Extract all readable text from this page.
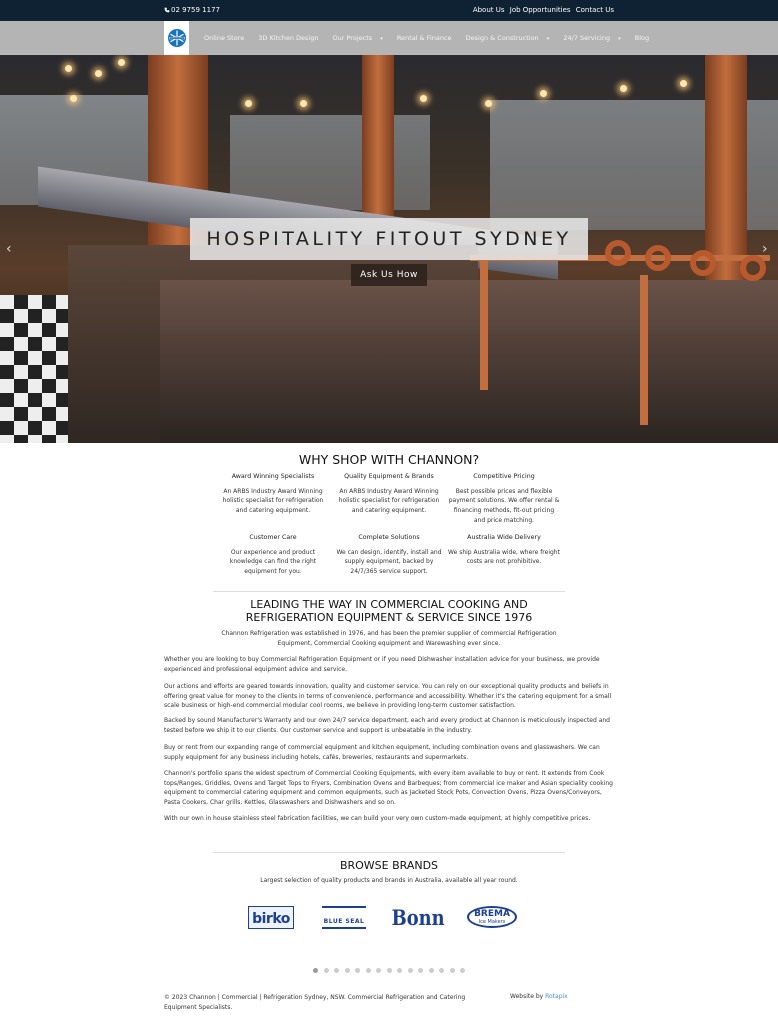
02 9759 1177	About Us Job Opportunities Contact Us
Online Store 3D Kitchen Design Our Projects ▾ Rental & Finance Design & Construction ▾ 24/7 Servicing ▾ Blog
‹	›
HOSPITALITY FITOUT SYDNEY
Ask Us How
WHY SHOP WITH CHANNON?
Award Winning Specialists
An ARBS Industry Award Winning holistic specialist for refrigeration and catering equipment.
Quality Equipment & Brands
An ARBS Industry Award Winning holistic specialist for refrigeration and catering equipment.
Competitive Pricing
Best possible prices and flexible payment solutions. We offer rental & financing methods, fit-out pricing and price matching.
Customer Care
Our experience and product knowledge can find the right equipment for you.
Complete Solutions
We can design, identify, install and supply equipment, backed by 24/7/365 service support.
Australia Wide Delivery
We ship Australia wide, where freight costs are not prohibitive.
LEADING THE WAY IN COMMERCIAL COOKING AND
REFRIGERATION EQUIPMENT & SERVICE SINCE 1976
Channon Refrigeration was established in 1976, and has been the premier supplier of commercial Refrigeration Equipment, Commercial Cooking equipment and Warewashing ever since.
Whether you are looking to buy Commercial Refrigeration Equipment or if you need Dishwasher installation advice for your business, we provide experienced and professional equipment advice and service.
Our actions and efforts are geared towards innovation, quality and customer service. You can rely on our exceptional quality products and beliefs in offering great value for money to the clients in terms of convenience, performance and accessibility. Whether it's the catering equipment for a small scale business or high-end commercial modular cool rooms, we believe in providing long-term customer satisfaction.
Backed by sound Manufacturer's Warranty and our own 24/7 service department, each and every product at Channon is meticulously inspected and tested before we ship it to our clients. Our customer service and support is unbeatable in the industry.
Buy or rent from our expanding range of commercial equipment and kitchen equipment, including combination ovens and glasswashers. We can supply equipment for any business including hotels, cafés, breweries, restaurants and supermarkets.
Channon's portfolio spans the widest spectrum of Commercial Cooking Equipments, with every item available to buy or rent. It extends from Cook tops/Ranges, Griddles, Ovens and Target Tops to Fryers, Combination Ovens and Barbeques; from commercial ice maker and Asian speciality cooking equipment to commercial catering equipment and common equipments, such as Jacketed Stock Pots, Convection Ovens, Pizza Ovens/Conveyors, Pasta Cookers, Char grills, Kettles, Glasswashers and Dishwashers and so on.
With our own in house stainless steel fabrication facilities, we can build your very own custom-made equipment, at highly competitive prices.
BROWSE BRANDS
Largest selection of quality products and brands in Australia, available all year round.
birko	BLUE SEAL Bonn	BREMA
Ice Makers
© 2023 Channon | Commercial | Refrigeration Sydney, NSW. Commercial Refrigeration and Catering Equipment Specialists.
Website by Rotapix
